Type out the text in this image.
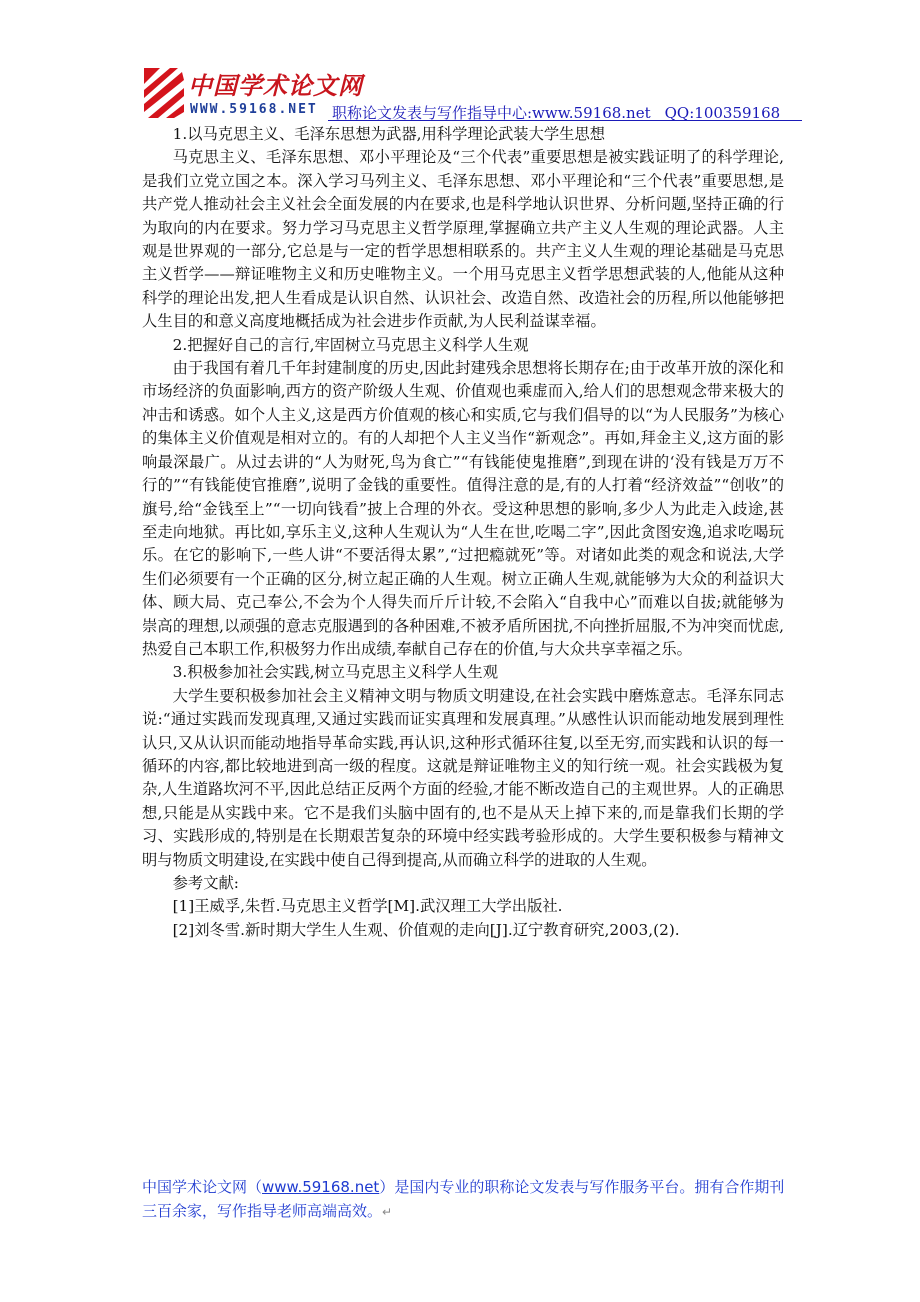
中国学术论文网
WWW.59168.NET 职称论文发表与写作指导中心:www.59168.net QQ:100359168

1.以马克思主义、毛泽东思想为武器,用科学理论武装大学生思想

马克思主义、毛泽东思想、邓小平理论及“三个代表”重要思想是被实践证明了的科学理论,是我们立党立国之本。深入学习马列主义、毛泽东思想、邓小平理论和“三个代表”重要思想,是共产党人推动社会主义社会全面发展的内在要求,也是科学地认识世界、分析问题,坚持正确的行为取向的内在要求。努力学习马克思主义哲学原理,掌握确立共产主义人生观的理论武器。人主观是世界观的一部分,它总是与一定的哲学思想相联系的。共产主义人生观的理论基础是马克思主义哲学——辩证唯物主义和历史唯物主义。一个用马克思主义哲学思想武装的人,他能从这种科学的理论出发,把人生看成是认识自然、认识社会、改造自然、改造社会的历程,所以他能够把人生目的和意义高度地概括成为社会进步作贡献,为人民利益谋幸福。

2.把握好自己的言行,牢固树立马克思主义科学人生观

由于我国有着几千年封建制度的历史,因此封建残余思想将长期存在;由于改革开放的深化和市场经济的负面影响,西方的资产阶级人生观、价值观也乘虚而入,给人们的思想观念带来极大的冲击和诱惑。如个人主义,这是西方价值观的核心和实质,它与我们倡导的以“为人民服务”为核心的集体主义价值观是相对立的。有的人却把个人主义当作“新观念”。再如,拜金主义,这方面的影响最深最广。从过去讲的“人为财死,鸟为食亡”“有钱能使鬼推磨”,到现在讲的‘没有钱是万万不行的”“有钱能使官推磨”,说明了金钱的重要性。值得注意的是,有的人打着“经济效益”“创收”的旗号,给“金钱至上”“一切向钱看”披上合理的外衣。受这种思想的影响,多少人为此走入歧途,甚至走向地狱。再比如,享乐主义,这种人生观认为“人生在世,吃喝二字”,因此贪图安逸,追求吃喝玩乐。在它的影响下,一些人讲“不要活得太累”,“过把瘾就死”等。对诸如此类的观念和说法,大学生们必须要有一个正确的区分,树立起正确的人生观。树立正确人生观,就能够为大众的利益识大体、顾大局、克己奉公,不会为个人得失而斤斤计较,不会陷入“自我中心”而难以自拔;就能够为崇高的理想,以顽强的意志克服遇到的各种困难,不被矛盾所困扰,不向挫折屈服,不为冲突而忧虑,热爱自己本职工作,积极努力作出成绩,奉献自己存在的价值,与大众共享幸福之乐。

3.积极参加社会实践,树立马克思主义科学人生观

大学生要积极参加社会主义精神文明与物质文明建设,在社会实践中磨炼意志。毛泽东同志说:“通过实践而发现真理,又通过实践而证实真理和发展真理。”从感性认识而能动地发展到理性认只,又从认识而能动地指导革命实践,再认识,这种形式循环往复,以至无穷,而实践和认识的每一循环的内容,都比较地进到高一级的程度。这就是辩证唯物主义的知行统一观。社会实践极为复杂,人生道路坎河不平,因此总结正反两个方面的经验,才能不断改造自己的主观世界。人的正确思想,只能是从实践中来。它不是我们头脑中固有的,也不是从天上掉下来的,而是靠我们长期的学习、实践形成的,特别是在长期艰苦复杂的环境中经实践考验形成的。大学生要积极参与精神文明与物质文明建设,在实践中使自己得到提高,从而确立科学的进取的人生观。

参考文献:

[1]王威孚,朱哲.马克思主义哲学[M].武汉理工大学出版社.

[2]刘冬雪.新时期大学生人生观、价值观的走向[J].辽宁教育研究,2003,(2).

中国学术论文网（www.59168.net）是国内专业的职称论文发表与写作服务平台。拥有合作期刊三百余家，写作指导老师高端高效。↵
